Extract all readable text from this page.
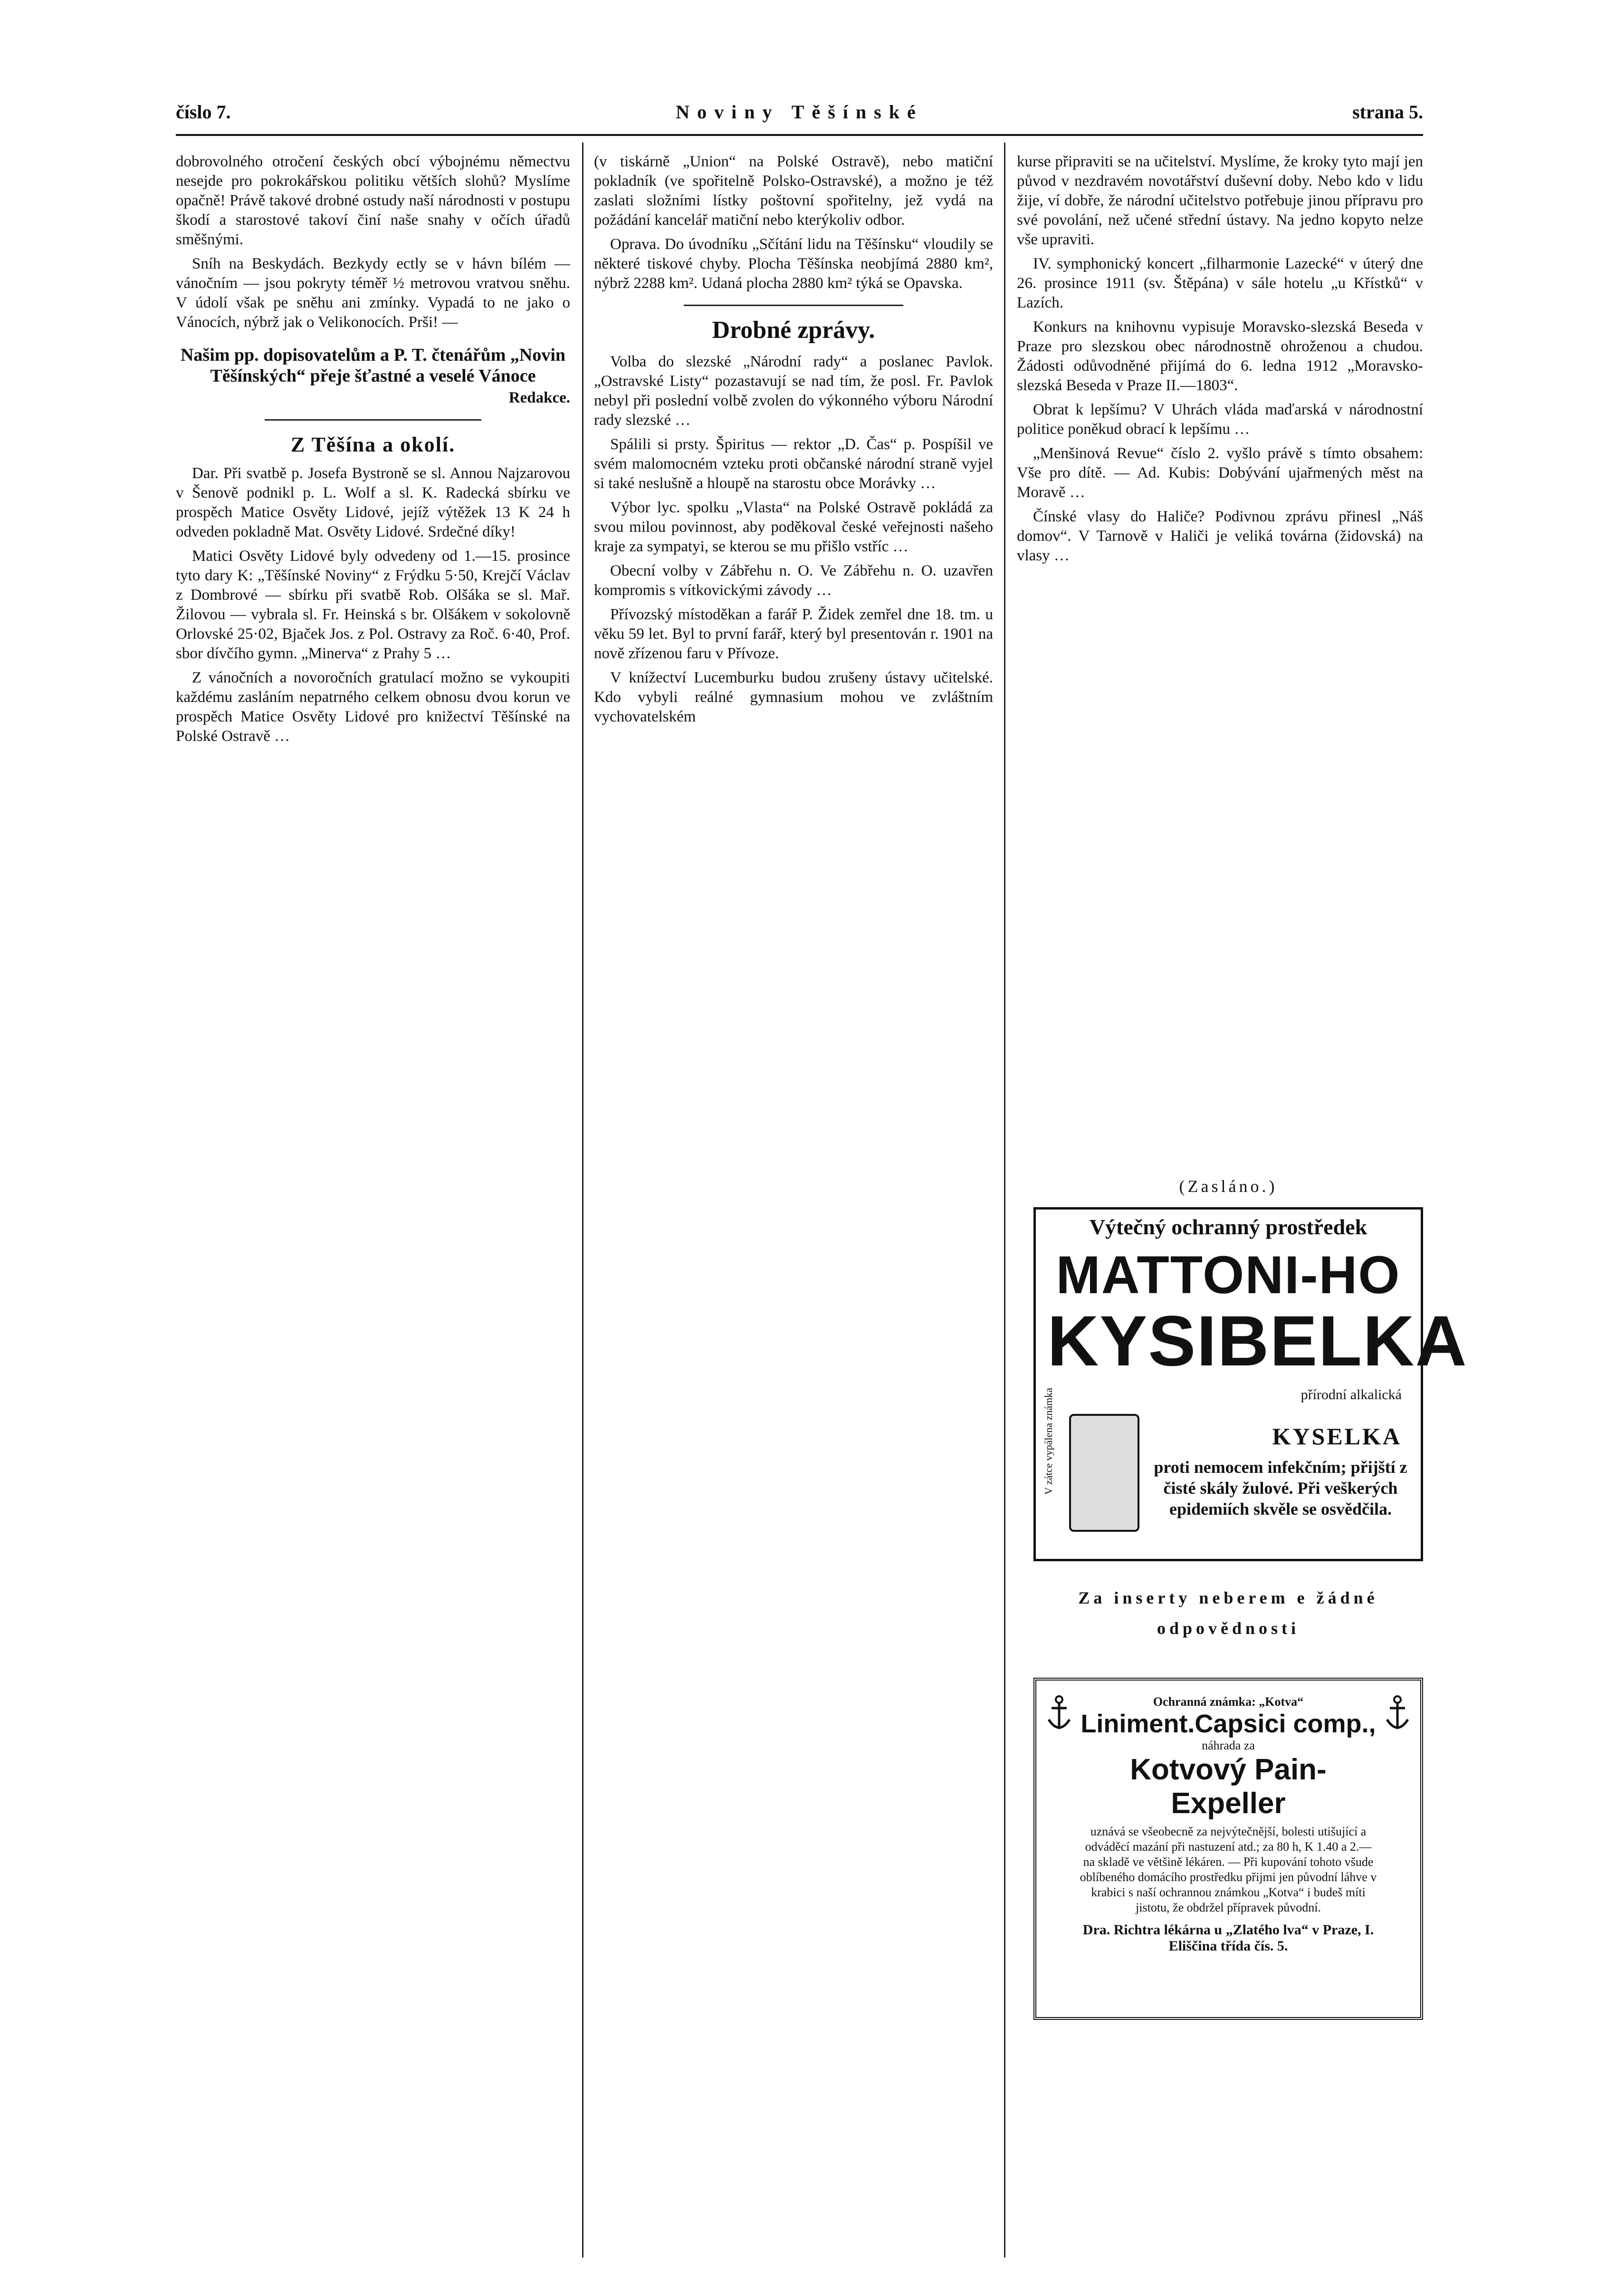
číslo 7.	Noviny Těšínské	strana 5.

dobrovolného otročení českých obcí výbojnému němectvu nesejde pro pokrokářskou politiku větších slohů? Myslíme opačně! Právě takové drobné ostudy naší národnosti v postupu škodí a starostové takoví činí naše snahy v očích úřadů směšnými.

Sníh na Beskydách. Bezkydy ectly se v hávn bílém — vánočním — jsou pokryty téměř ½ metrovou vratvou sněhu. V údolí však pe sněhu ani zmínky. Vypadá to ne jako o Vánocích, nýbrž jak o Velikonocích. Prši! —

Našim pp. dopisovatelům a P. T. čtenářům „Novin Těšínských“ přeje šťastné a veselé Vánoce
Redakce.
Z Těšína a okolí.

Dar. Při svatbě p. Josefa Bystroně se sl. Annou Najzarovou v Šenově podnikl p. L. Wolf a sl. K. Radecká sbírku ve prospěch Matice Osvěty Lidové, jejíž výtěžek 13 K 24 h odveden pokladně Mat. Osvěty Lidové. Srdečné díky!

Matici Osvěty Lidové byly odvedeny od 1.—15. prosince tyto dary K: „Těšínské Noviny“ z Frýdku 5·50, Krejčí Václav z Dombrové — sbírku při svatbě Rob. Olšáka se sl. Mař. Žilovou — vybrala sl. Fr. Heinská s br. Olšákem v sokolovně Orlovské 25·02, Bjaček Jos. z Pol. Ostravy za Roč. 6·40, Prof. sbor dívčího gymn. „Minerva“ z Prahy 5 …

Z vánočních a novoročních gratulací možno se vykoupiti každému zasláním nepatrného celkem obnosu dvou korun ve prospěch Matice Osvěty Lidové pro knižectví Těšínské na Polské Ostravě …

(v tiskárně „Union“ na Polské Ostravě), nebo matiční pokladník (ve spořitelně Polsko-Ostravské), a možno je též zaslati složními lístky poštovní spořitelny, jež vydá na požádání kancelář matiční nebo kterýkoliv odbor.

Oprava. Do úvodníku „Sčítání lidu na Těšínsku“ vloudily se některé tiskové chyby. Plocha Těšínska neobjímá 2880 km², nýbrž 2288 km². Udaná plocha 2880 km² týká se Opavska.

Drobné zprávy.

Volba do slezské „Národní rady“ a poslanec Pavlok. „Ostravské Listy“ pozastavují se nad tím, že posl. Fr. Pavlok nebyl při poslední volbě zvolen do výkonného výboru Národní rady slezské …

Spálili si prsty. Špiritus — rektor „D. Čas“ p. Pospíšil ve svém malomocném vzteku proti občanské národní straně vyjel si také neslušně a hloupě na starostu obce Morávky …

Výbor lyc. spolku „Vlasta“ na Polské Ostravě pokládá za svou milou povinnost, aby poděkoval české veřejnosti našeho kraje za sympatyi, se kterou se mu přišlo vstříc …

Obecní volby v Zábřehu n. O. Ve Zábřehu n. O. uzavřen kompromis s vítkovickými závody …

Přívozský místoděkan a farář P. Židek zemřel dne 18. tm. u věku 59 let. Byl to první farář, který byl presentován r. 1901 na nově zřízenou faru v Přívoze.

V knížectví Lucemburku budou zrušeny ústavy učitelské. Kdo vybyli reálné gymnasium mohou ve zvláštním vychovatelském

kurse připraviti se na učitelství. Myslíme, že kroky tyto mají jen původ v nezdravém novotářství duševní doby. Nebo kdo v lidu žije, ví dobře, že národní učitelstvo potřebuje jinou přípravu pro své povolání, než učené střední ústavy. Na jedno kopyto nelze vše upraviti.

IV. symphonický koncert „filharmonie Lazecké“ v úterý dne 26. prosince 1911 (sv. Štěpána) v sále hotelu „u Křístků“ v Lazích.

Konkurs na knihovnu vypisuje Moravsko-slezská Beseda v Praze pro slezskou obec národnostně ohroženou a chudou. Žádosti odůvodněné přijímá do 6. ledna 1912 „Moravsko-slezská Beseda v Praze II.—1803“.

Obrat k lepšímu? V Uhrách vláda maďarská v národnostní politice poněkud obrací k lepšímu …

„Menšinová Revue“ číslo 2. vyšlo právě s tímto obsahem: Vše pro dítě. — Ad. Kubis: Dobývání ujařmených měst na Moravě …

Čínské vlasy do Haliče? Podivnou zprávu přinesl „Náš domov“. V Tarnově v Haliči je veliká továrna (židovská) na vlasy …

(Zasláno.)
Výtečný ochranný prostředek
MATTONI-HO
KYSIBELKA
přírodní alkalická
KYSELKA
V zátce vypálena známka	proti nemocem infekčním; přijští z čisté skály žulové. Při veškerých epidemiích skvěle se osvědčila.
Za inserty neberem e žádné odpovědnosti
Ochranná známka: „Kotva“
Liniment.Capsici comp.,
náhrada za
Kotvový Pain-Expeller
uznává se všeobecně za nejvýtečnější, bolesti utišující a odváděcí mazání při nastuzení atd.; za 80 h, K 1.40 a 2.— na skladě ve většině lékáren. — Při kupování tohoto všude oblíbeného domácího prostředku přijmi jen původní láhve v krabici s naší ochrannou známkou „Kotva“ i budeš míti jistotu, že obdržel přípravek původní.
Dra. Richtra lékárna u „Zlatého lva“ v Praze, I. Eliščina třída čís. 5.
